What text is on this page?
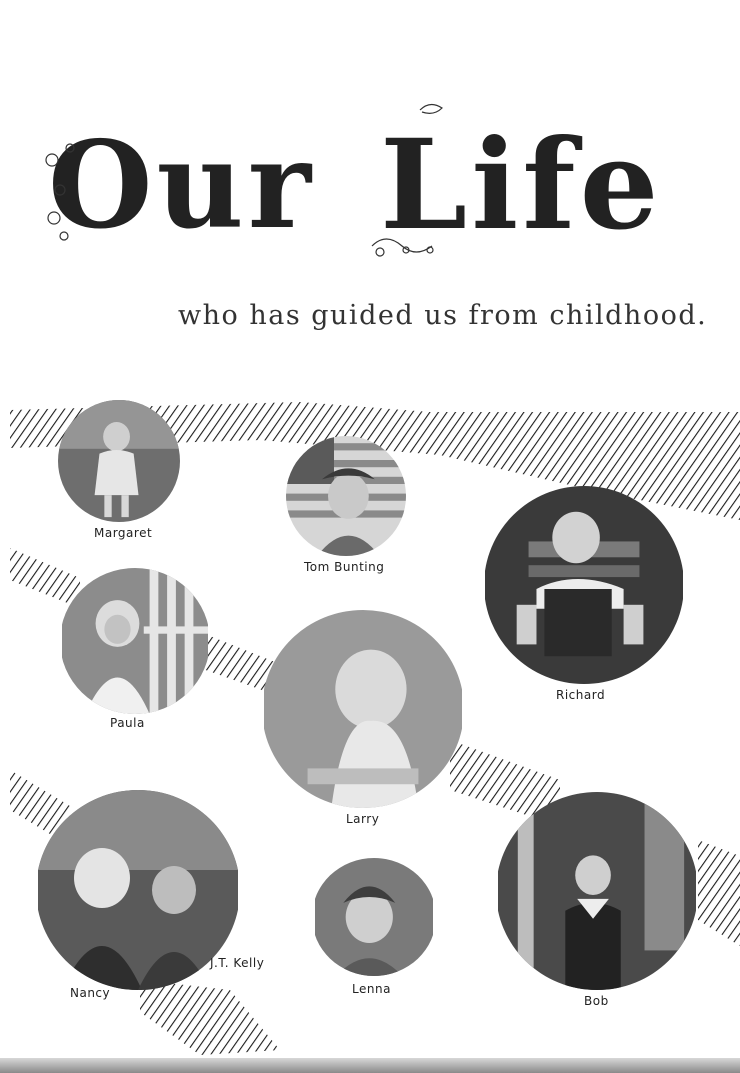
Our Life
who has guided us from childhood.
Margaret
Tom Bunting
Richard
Paula
Larry
Nancy
J.T. Kelly
Lenna
Bob
